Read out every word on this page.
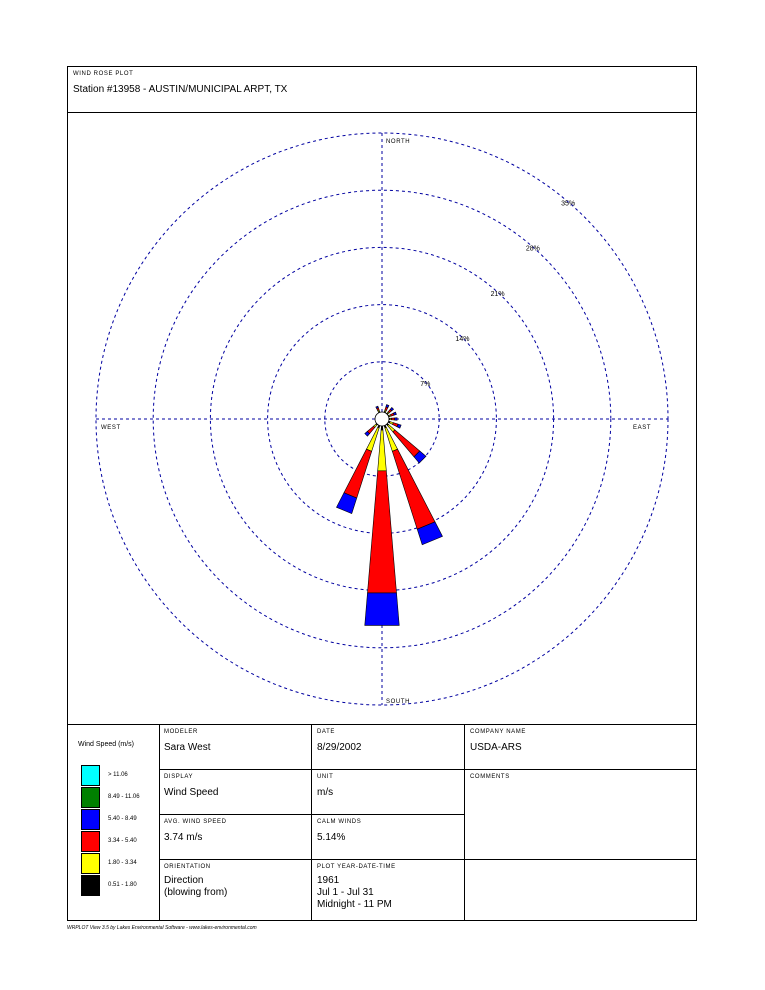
WIND ROSE PLOT
Station #13958 - AUSTIN/MUNICIPAL ARPT, TX
7%
14%
21%
28%
35%
NORTH
SOUTH
EAST
WEST
Wind Speed (m/s)
> 11.06
8.49 - 11.06
5.40 - 8.49
3.34 - 5.40
1.80 - 3.34
0.51 - 1.80
MODELER
Sara West
DATE
8/29/2002
COMPANY NAME
USDA-ARS
DISPLAY
Wind Speed
UNIT
m/s
COMMENTS
AVG. WIND SPEED
3.74 m/s
CALM WINDS
5.14%
ORIENTATION
Direction
(blowing from)
PLOT YEAR-DATE-TIME
1961
Jul 1 - Jul 31
Midnight - 11 PM
WRPLOT View 3.5 by Lakes Environmental Software - www.lakes-environmental.com
